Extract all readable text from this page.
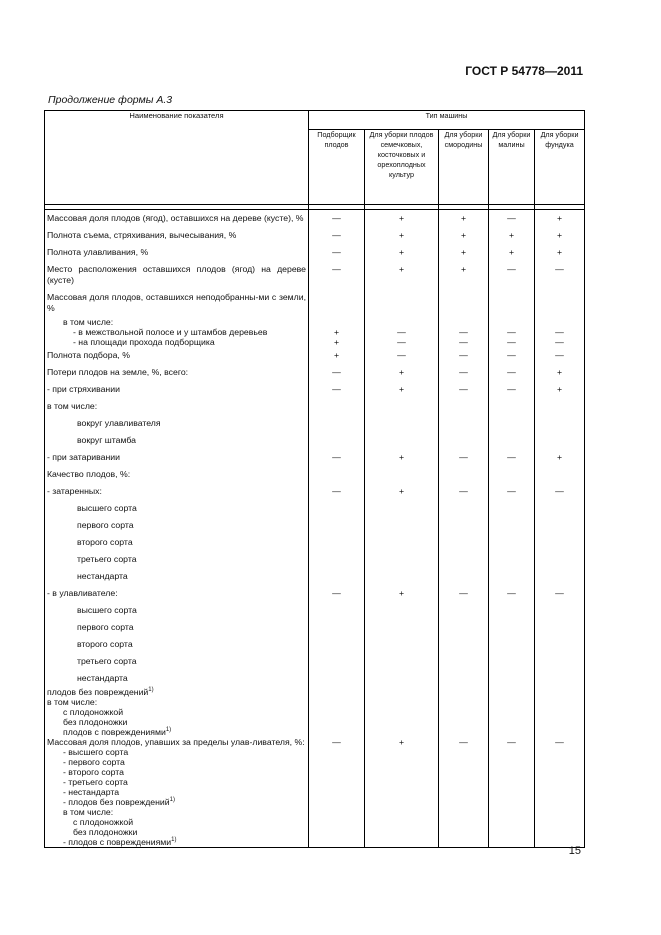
ГОСТ Р 54778—2011
Продолжение формы А.3
Наименование показателя	Тип машины				
	Подборщик плодов	Для уборки плодов семечковых, косточковых и орехоплодных культур	Для уборки смородины	Для уборки малины	Для уборки фундука

Массовая доля плодов (ягод), оставшихся на дереве (кусте), %	—	+	+	—	+
Полнота съема, стряхивания, вычесывания, %	—	+	+	+	+
Полнота улавливания, %	—	+	+	+	+
Место расположения оставшихся плодов (ягод) на дереве (кусте)	—	+	+	—	—
Массовая доля плодов, оставшихся неподобранны-ми с земли, %					
в том числе:					
- в межствольной полосе и у штамбов деревьев	+	—	—	—	—
- на площади прохода подборщика	+	—	—	—	—
Полнота подбора, %	+	—	—	—	—
Потери плодов на земле, %, всего:	—	+	—	—	+
- при стряхивании	—	+	—	—	+
в том числе:					
вокруг улавливателя					
вокруг штамба					
- при затаривании	—	+	—	—	+
Качество плодов, %:					
- затаренных:	—	+	—	—	—
высшего сорта					
первого сорта					
второго сорта					
третьего сорта					
нестандарта					
- в улавливателе:	—	+	—	—	—
высшего сорта					
первого сорта					
второго сорта					
третьего сорта					
нестандарта					
плодов без повреждений$^{1)}$					
в том числе:					
с плодоножкой					
без плодоножки					
плодов с повреждениями$^{1)}$					
Массовая доля плодов, упавших за пределы улав-ливателя, %:	—	+	—	—	—
- высшего сорта					
- первого сорта					
- второго сорта					
- третьего сорта					
- нестандарта					
- плодов без повреждений$^{1)}$					
в том числе:					
с плодоножкой					
без плодоножки					
- плодов с повреждениями$^{1)}$					
15
